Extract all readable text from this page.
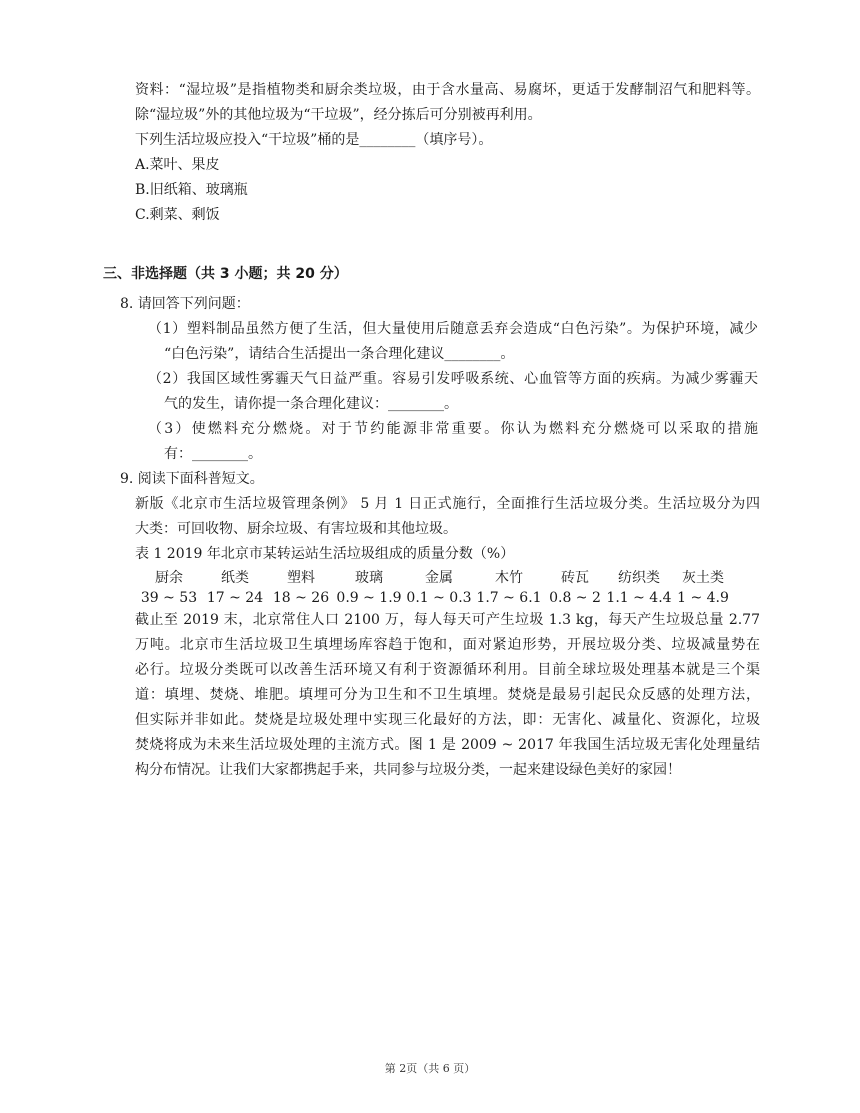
资料：“湿垃圾”是指植物类和厨余类垃圾，由于含水量高、易腐坏，更适于发酵制沼气和肥料等。

除“湿垃圾”外的其他垃圾为“干垃圾”，经分拣后可分别被再利用。

下列生活垃圾应投入“干垃圾”桶的是________（填序号）。

A.菜叶、果皮

B.旧纸箱、玻璃瓶

C.剩菜、剩饭

三、非选择题（共 3 小题；共 20 分）

8. 请回答下列问题：

（1）塑料制品虽然方便了生活，但大量使用后随意丢弃会造成“白色污染”。为保护环境，减少

“白色污染”，请结合生活提出一条合理化建议________。

（2）我国区域性雾霾天气日益严重。容易引发呼吸系统、心血管等方面的疾病。为减少雾霾天

气的发生，请你提一条合理化建议：________。

（3）使燃料充分燃烧。对于节约能源非常重要。你认为燃料充分燃烧可以采取的措施

有：________。

9. 阅读下面科普短文。

新版《北京市生活垃圾管理条例》 5 月 1 日正式施行，全面推行生活垃圾分类。生活垃圾分为四

大类：可回收物、厨余垃圾、有害垃圾和其他垃圾。

表 1 2019 年北京市某转运站生活垃圾组成的质量分数（%）

厨余	纸类	塑料	玻璃	金属	木竹	砖瓦	纺织类	灰土类
39 ~ 53	17 ~ 24	18 ~ 26	0.9 ~ 1.9	0.1 ~ 0.3	1.7 ~ 6.1	0.8 ~ 2	1.1 ~ 4.4	1 ~ 4.9

截止至 2019 末，北京常住人口 2100 万，每人每天可产生垃圾 1.3 kg，每天产生垃圾总量 2.77

万吨。北京市生活垃圾卫生填埋场库容趋于饱和，面对紧迫形势，开展垃圾分类、垃圾减量势在

必行。垃圾分类既可以改善生活环境又有利于资源循环利用。目前全球垃圾处理基本就是三个渠

道：填埋、焚烧、堆肥。填埋可分为卫生和不卫生填埋。焚烧是最易引起民众反感的处理方法，

但实际并非如此。焚烧是垃圾处理中实现三化最好的方法，即：无害化、减量化、资源化，垃圾

焚烧将成为未来生活垃圾处理的主流方式。图 1 是 2009 ~ 2017 年我国生活垃圾无害化处理量结

构分布情况。让我们大家都携起手来，共同参与垃圾分类，一起来建设绿色美好的家园！

第 2页（共 6 页）
